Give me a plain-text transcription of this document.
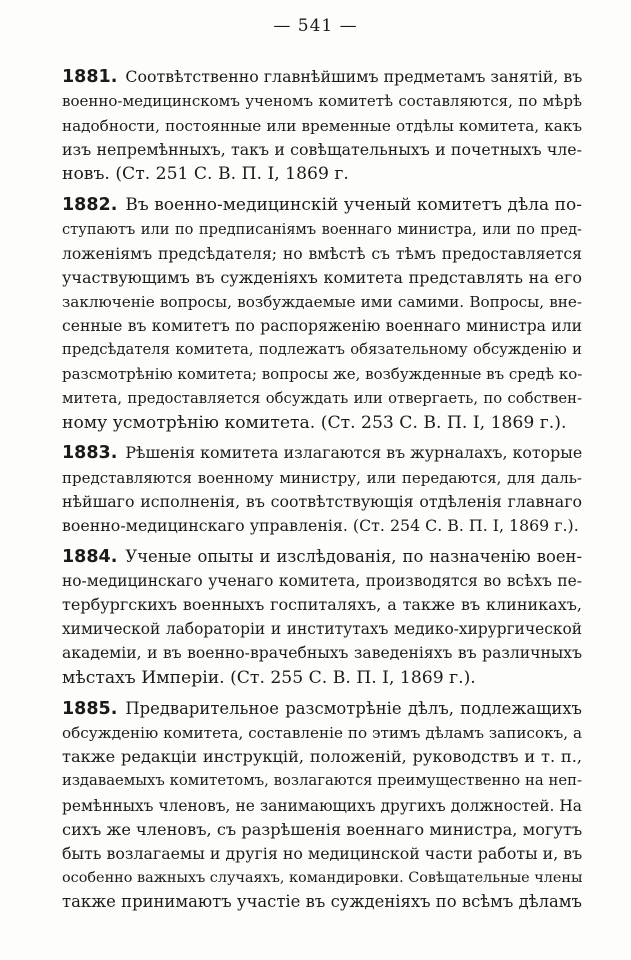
— 541 —
1881. Соотвѣтственно главнѣйшимъ предметамъ занятій, въ
военно-медицинскомъ ученомъ комитетѣ составляются, по мѣрѣ
надобности, постоянные или временные отдѣлы комитета, какъ
изъ непремѣнныхъ, такъ и совѣщательныхъ и почетныхъ чле-
новъ. (Ст. 251 С. В. П. I, 1869 г.
1882. Въ военно-медицинскій ученый комитетъ дѣла по-
ступаютъ или по предписаніямъ военнаго министра, или по пред-
ложеніямъ предсѣдателя; но вмѣстѣ съ тѣмъ предоставляется
участвующимъ въ сужденіяхъ комитета представлять на его
заключеніе вопросы, возбуждаемые ими самими. Вопросы, внe-
сенные въ комитетъ по распоряженію военнаго министра или
предсѣдателя комитета, подлежатъ обязательному обсужденію и
разсмотрѣнію комитета; вопросы же, возбужденные въ средѣ ко-
митета, предоставляется обсуждать или отвергаеть, по собствен-
ному усмотрѣнію комитета. (Ст. 253 С. В. П. I, 1869 г.).
1883. Рѣшенія комитета излагаются въ журналахъ, которые
представляются военному министру, или передаются, для даль-
нѣйшаго исполненія, въ соотвѣтствующія отдѣленія главнаго
военно-медицинскаго управленія. (Ст. 254 С. В. П. I, 1869 г.).
1884. Ученые опыты и изслѣдованія, по назначенію воен-
но-медицинскаго ученаго комитета, производятся во всѣхъ пе-
тербургскихъ военныхъ госпиталяхъ, а также въ клиникахъ,
химической лабораторіи и институтахъ медико-хирургической
академіи, и въ военно-врачебныхъ заведеніяхъ въ различныхъ
мѣстахъ Имперіи. (Ст. 255 С. В. П. I, 1869 г.).
1885. Предварительное разсмотрѣніе дѣлъ, подлежащихъ
обсужденію комитета, составленіе по этимъ дѣламъ записокъ, а
также редакціи инструкцій, положеній, руководствъ и т. п.,
издаваемыхъ комитетомъ, возлагаются преимущественно на неп-
ремѣнныхъ членовъ, не занимающихъ другихъ должностей. На
сихъ же членовъ, съ разрѣшенія военнаго министра, могутъ
быть возлагаемы и другія но медицинской части работы и, въ
особенно важныхъ случаяхъ, командировки. Совѣщательные члены
также принимаютъ участіе въ сужденіяхъ по всѣмъ дѣламъ
